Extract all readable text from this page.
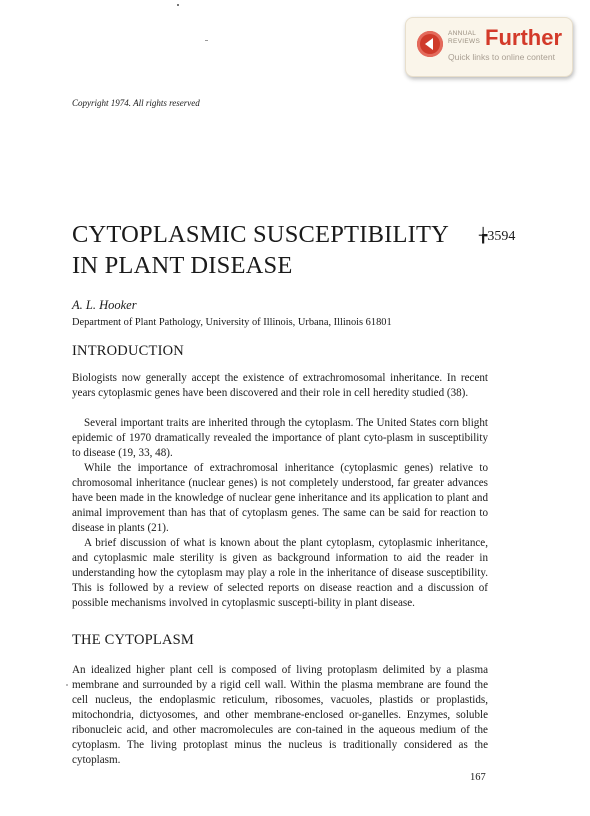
ANNUAL
REVIEWS Further
Quick links to online content
Copyright 1974. All rights reserved
CYTOPLASMIC SUSCEPTIBILITY
IN PLANT DISEASE
╆3594
A. L. Hooker
Department of Plant Pathology, University of Illinois, Urbana, Illinois 61801
INTRODUCTION

Biologists now generally accept the existence of extrachromosomal inheritance. In recent years cytoplasmic genes have been discovered and their role in cell heredity studied (38).

Several important traits are inherited through the cytoplasm. The United States corn blight epidemic of 1970 dramatically revealed the importance of plant cyto-plasm in susceptibility to disease (19, 33, 48).

While the importance of extrachromosal inheritance (cytoplasmic genes) relative to chromosomal inheritance (nuclear genes) is not completely understood, far greater advances have been made in the knowledge of nuclear gene inheritance and its application to plant and animal improvement than has that of cytoplasm genes. The same can be said for reaction to disease in plants (21).

A brief discussion of what is known about the plant cytoplasm, cytoplasmic inheritance, and cytoplasmic male sterility is given as background information to aid the reader in understanding how the cytoplasm may play a role in the inheritance of disease susceptibility. This is followed by a review of selected reports on disease reaction and a discussion of possible mechanisms involved in cytoplasmic suscepti-bility in plant disease.

THE CYTOPLASM

An idealized higher plant cell is composed of living protoplasm delimited by a plasma membrane and surrounded by a rigid cell wall. Within the plasma membrane are found the cell nucleus, the endoplasmic reticulum, ribosomes, vacuoles, plastids or proplastids, mitochondria, dictyosomes, and other membrane-enclosed or-ganelles. Enzymes, soluble ribonucleic acid, and other macromolecules are con-tained in the aqueous medium of the cytoplasm. The living protoplast minus the nucleus is traditionally considered as the cytoplasm.

167
